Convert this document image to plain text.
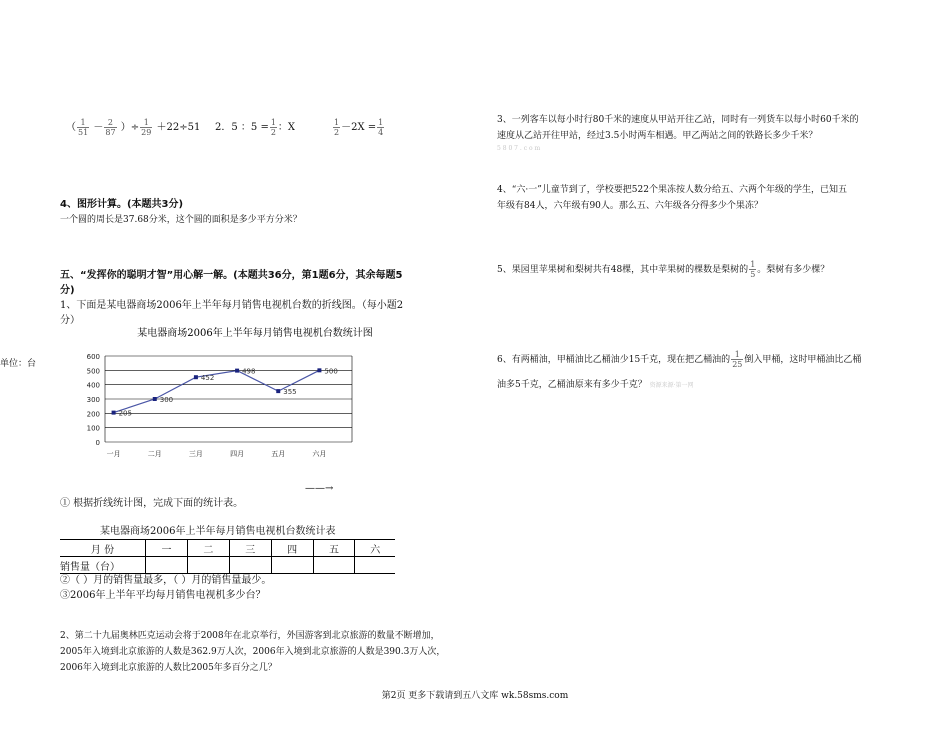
（ $\frac{1}{51} - \frac{2}{87}$ ）÷ $\frac{1}{29} +22\div 51$ 2．5 ：$5 = \frac{1}{2}$ ：X	$\frac{1}{2} -2X = \frac{1}{4}$
4、图形计算。(本题共3分)
一个圆的周长是37.68分米，这个圆的面积是多少平方分米？
五、“发挥你的聪明才智”用心解一解。(本题共36分，第1题6分，其余每题5
分)
1、下面是某电器商场2006年上半年每月销售电视机台数的折线图。（每小题2
分）
单位：台
某电器商场2006年上半年每月销售电视机台数统计图
0
100
200
300
400
500
600
一月	二月	三月	四月	五月	六月
205
300
452
498
355
500
——→
① 根据折线统计图，完成下面的统计表。
某电器商场2006年上半年每月销售电视机台数统计表
月 份	一	二	三	四	五	六
销售量（台）						
②（ ）月的销售量最多，（ ）月的销售量最少。
③2006年上半年平均每月销售电视机多少台？
2、第二十九届奥林匹克运动会将于2008年在北京举行，外国游客到北京旅游的数量不断增加，
2005年入境到北京旅游的人数是362.9万人次，2006年入境到北京旅游的人数是390.3万人次，
2006年入境到北京旅游的人数比2005年多百分之几？
3、一列客车以每小时行80千米的速度从甲站开往乙站，同时有一列货车以每小时60千米的
速度从乙站开往甲站，经过3.5小时两车相遇。甲乙两站之间的铁路长多少千米？
5 8 0 7 . c o m
4、“六·一”儿童节到了，学校要把522个果冻按人数分给五、六两个年级的学生，已知五
年级有84人，六年级有90人。那么五、六年级各分得多少个果冻？
5、果园里苹果树和梨树共有48棵，其中苹果树的棵数是梨树的 $\frac{1}{5}$ 。梨树有多少棵？
6、有两桶油，甲桶油比乙桶油少15千克，现在把乙桶油的 $\frac{1}{25}$ 倒入甲桶，这时甲桶油比乙桶
油多5千克，乙桶油原来有多少千克？ 资源来源·第一网
第2页 更多下载请到五八文库 wk.58sms.com
